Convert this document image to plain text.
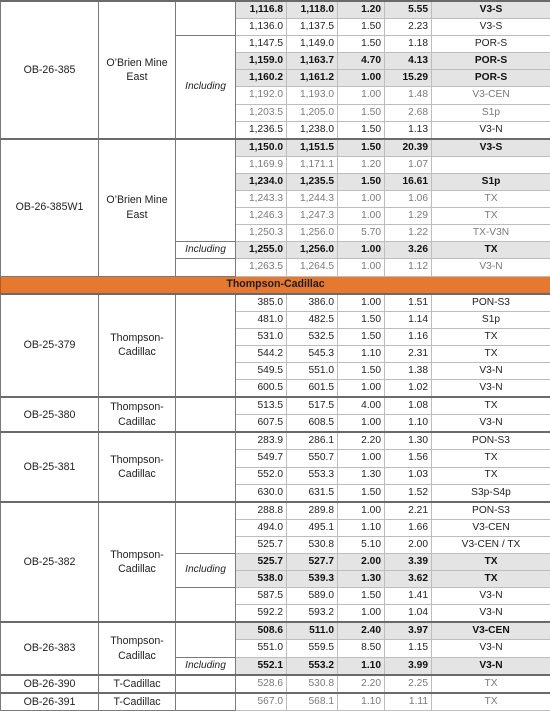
OB-26-385	O’Brien Mine East		1,116.8	1,118.0	1.20	5.55	V3-S
			1,136.0	1,137.5	1.50	2.23	V3-S
		Including	1,147.5	1,149.0	1.50	1.18	POR-S
			1,159.0	1,163.7	4.70	4.13	POR-S
			1,160.2	1,161.2	1.00	15.29	POR-S
			1,192.0	1,193.0	1.00	1.48	V3-CEN
			1,203.5	1,205.0	1.50	2.68	S1p
			1,236.5	1,238.0	1.50	1.13	V3-N
OB-26-385W1	O’Brien Mine East		1,150.0	1,151.5	1.50	20.39	V3-S
			1,169.9	1,171.1	1.20	1.07	
			1,234.0	1,235.5	1.50	16.61	S1p
			1,243.3	1,244.3	1.00	1.06	TX
			1,246.3	1,247.3	1.00	1.29	TX
			1,250.3	1,256.0	5.70	1.22	TX-V3N
		Including	1,255.0	1,256.0	1.00	3.26	TX
			1,263.5	1,264.5	1.00	1.12	V3-N
Thompson-Cadillac							
OB-25-379	Thompson-Cadillac		385.0	386.0	1.00	1.51	PON-S3
			481.0	482.5	1.50	1.14	S1p
			531.0	532.5	1.50	1.16	TX
			544.2	545.3	1.10	2.31	TX
			549.5	551.0	1.50	1.38	V3-N
			600.5	601.5	1.00	1.02	V3-N
OB-25-380	Thompson-Cadillac		513.5	517.5	4.00	1.08	TX
			607.5	608.5	1.00	1.10	V3-N
OB-25-381	Thompson-Cadillac		283.9	286.1	2.20	1.30	PON-S3
			549.7	550.7	1.00	1.56	TX
			552.0	553.3	1.30	1.03	TX
			630.0	631.5	1.50	1.52	S3p-S4p
OB-25-382	Thompson-Cadillac		288.8	289.8	1.00	2.21	PON-S3
			494.0	495.1	1.10	1.66	V3-CEN
			525.7	530.8	5.10	2.00	V3-CEN / TX
		Including	525.7	527.7	2.00	3.39	TX
			538.0	539.3	1.30	3.62	TX
			587.5	589.0	1.50	1.41	V3-N
			592.2	593.2	1.00	1.04	V3-N
OB-26-383	Thompson-Cadillac		508.6	511.0	2.40	3.97	V3-CEN
			551.0	559.5	8.50	1.15	V3-N
		Including	552.1	553.2	1.10	3.99	V3-N
OB-26-390	T-Cadillac		528.6	530.8	2.20	2.25	TX
OB-26-391	T-Cadillac		567.0	568.1	1.10	1.11	TX
